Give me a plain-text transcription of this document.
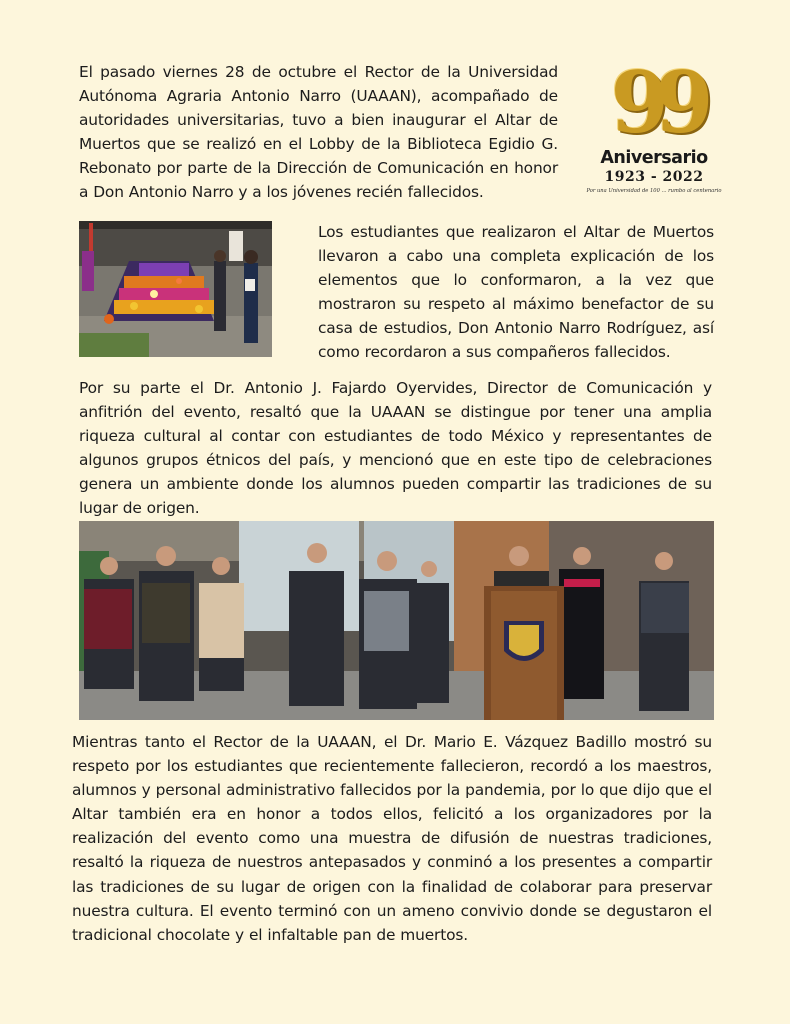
El pasado viernes 28 de octubre el Rector de la Universidad Autónoma Agraria Antonio Narro (UAAAN), acompañado de autoridades universitarias, tuvo a bien inaugurar el Altar de Muertos que se realizó en el Lobby de la Biblioteca Egidio G. Rebonato por parte de la Dirección de Comunicación en honor a Don Antonio Narro y a los jóvenes recién fallecidos.

99
Aniversario
1923 - 2022
Por una Universidad de 100 ... rumbo al centenario

Los estudiantes que realizaron el Altar de Muertos llevaron a cabo una completa explicación de los elementos que lo conformaron, a la vez que mostraron su respeto al máximo benefactor de su casa de estudios, Don Antonio Narro Rodríguez, así como recordaron a sus compañeros fallecidos.

Por su parte el Dr. Antonio J. Fajardo Oyervides, Director de Comunicación y anfitrión del evento, resaltó que la UAAAN se distingue por tener una amplia riqueza cultural al contar con estudiantes de todo México y representantes de algunos grupos étnicos del país, y mencionó que en este tipo de celebraciones genera un ambiente donde los alumnos pueden compartir las tradiciones de su lugar de origen.

Mientras tanto el Rector de la UAAAN, el Dr. Mario E. Vázquez Badillo mostró su respeto por los estudiantes que recientemente fallecieron, recordó a los maestros, alumnos y personal administrativo fallecidos por la pandemia, por lo que dijo que el Altar también era en honor a todos ellos, felicitó a los organizadores por la realización del evento como una muestra de difusión de nuestras tradiciones, resaltó la riqueza de nuestros antepasados y conminó a los presentes a compartir las tradiciones de su lugar de origen con la finalidad de colaborar para preservar nuestra cultura. El evento terminó con un ameno convivio donde se degustaron el tradicional chocolate y el infaltable pan de muertos.
